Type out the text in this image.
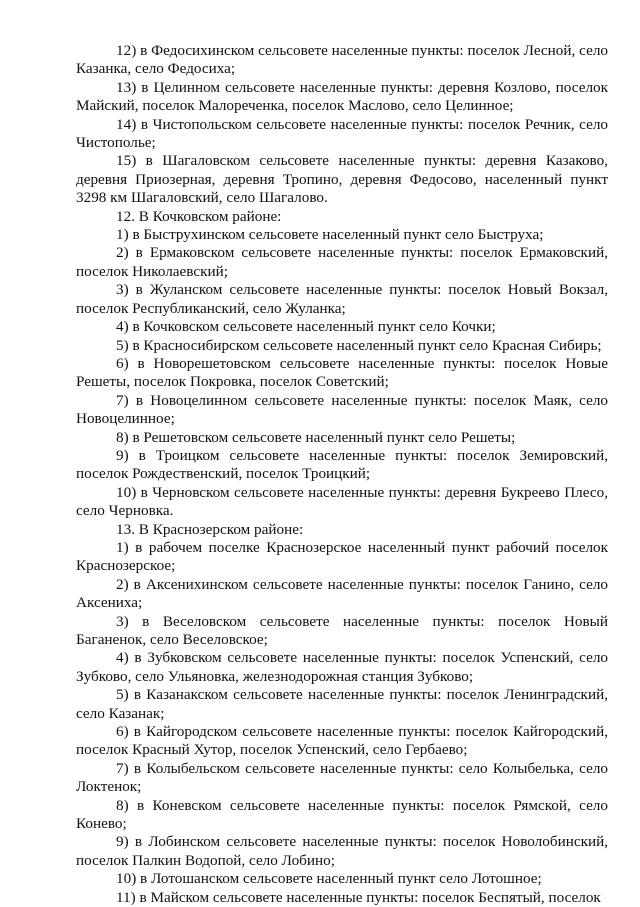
12) в Федосихинском сельсовете населенные пункты: поселок Лесной, село Казанка, село Федосиха;

13) в Целинном сельсовете населенные пункты: деревня Козлово, поселок Майский, поселок Малореченка, поселок Маслово, село Целинное;

14) в Чистопольском сельсовете населенные пункты: поселок Речник, село Чистополье;

15) в Шагаловском сельсовете населенные пункты: деревня Казаково, деревня Приозерная, деревня Тропино, деревня Федосово, населенный пункт 3298 км Шагаловский, село Шагалово.

12. В Кочковском районе:

1) в Быструхинском сельсовете населенный пункт село Быструха;

2) в Ермаковском сельсовете населенные пункты: поселок Ермаковский, поселок Николаевский;

3) в Жуланском сельсовете населенные пункты: поселок Новый Вокзал, поселок Республиканский, село Жуланка;

4) в Кочковском сельсовете населенный пункт село Кочки;

5) в Красносибирском сельсовете населенный пункт село Красная Сибирь;

6) в Новорешетовском сельсовете населенные пункты: поселок Новые Решеты, поселок Покровка, поселок Советский;

7) в Новоцелинном сельсовете населенные пункты: поселок Маяк, село Новоцелинное;

8) в Решетовском сельсовете населенный пункт село Решеты;

9) в Троицком сельсовете населенные пункты: поселок Земировский, поселок Рождественский, поселок Троицкий;

10) в Черновском сельсовете населенные пункты: деревня Букреево Плесо, село Черновка.

13. В Краснозерском районе:

1) в рабочем поселке Краснозерское населенный пункт рабочий поселок Краснозерское;

2) в Аксенихинском сельсовете населенные пункты: поселок Ганино, село Аксениха;

3) в Веселовском сельсовете населенные пункты: поселок Новый Баганенок, село Веселовское;

4) в Зубковском сельсовете населенные пункты: поселок Успенский, село Зубково, село Ульяновка, железнодорожная станция Зубково;

5) в Казанакском сельсовете населенные пункты: поселок Ленинградский, село Казанак;

6) в Кайгородском сельсовете населенные пункты: поселок Кайгородский, поселок Красный Хутор, поселок Успенский, село Гербаево;

7) в Колыбельском сельсовете населенные пункты: село Колыбелька, село Локтенок;

8) в Коневском сельсовете населенные пункты: поселок Рямской, село Конево;

9) в Лобинском сельсовете населенные пункты: поселок Новолобинский, поселок Палкин Водопой, село Лобино;

10) в Лотошанском сельсовете населенный пункт село Лотошное;

11) в Майском сельсовете населенные пункты: поселок Беспятый, поселок
